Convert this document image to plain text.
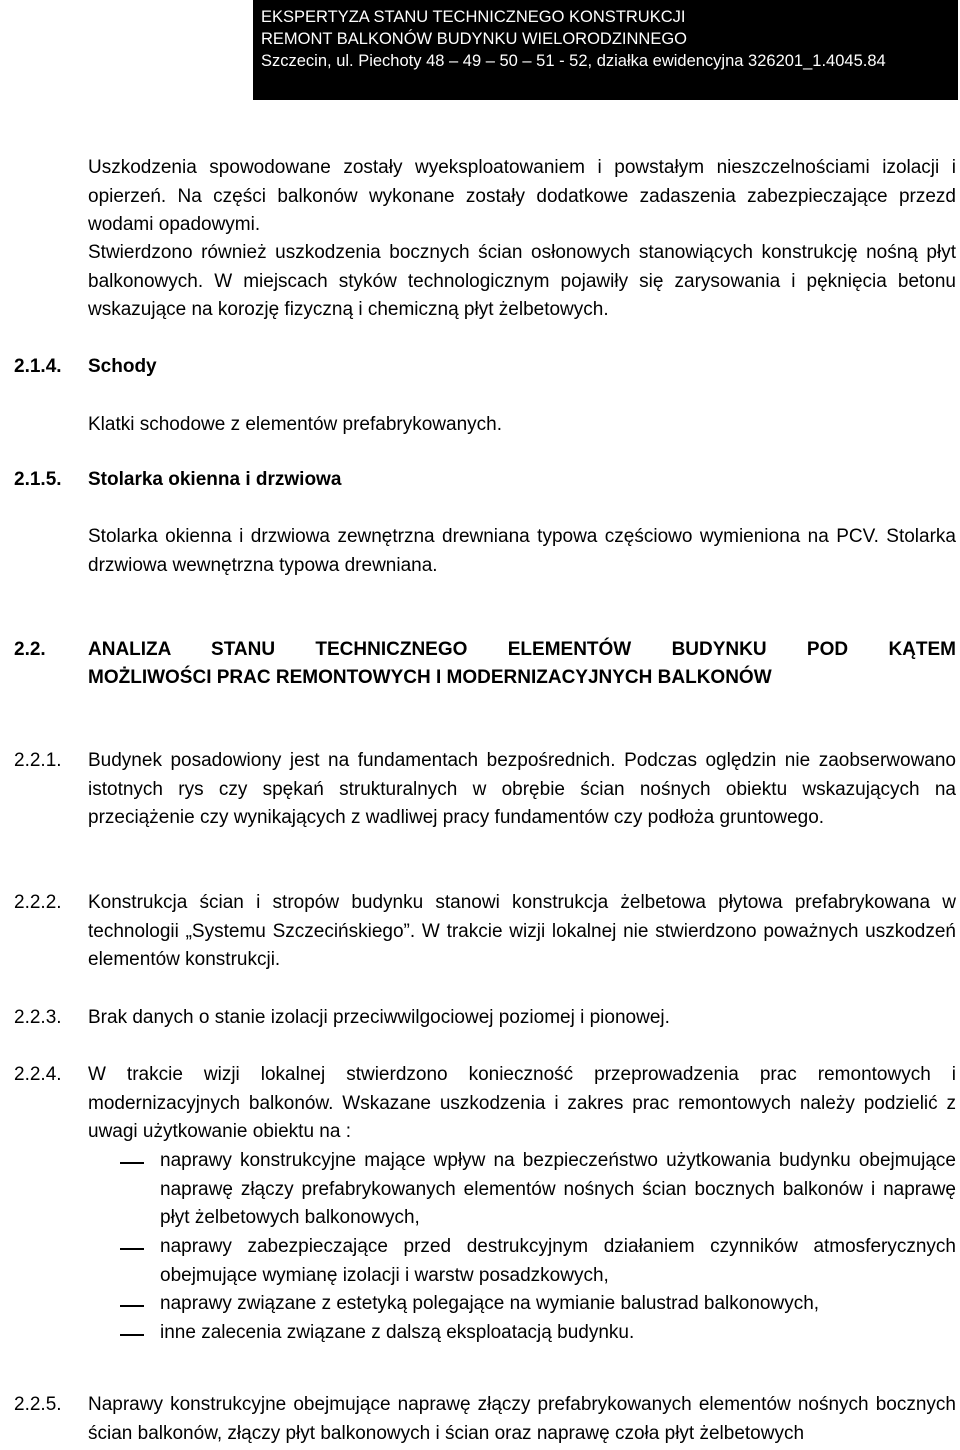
EKSPERTYZA STANU TECHNICZNEGO KONSTRUKCJI
REMONT BALKONÓW BUDYNKU WIELORODZINNEGO
Szczecin, ul. Piechoty 48 – 49 – 50 – 51 - 52, działka ewidencyjna 326201_1.4045.84

Uszkodzenia spowodowane zostały wyeksploatowaniem i powstałym nieszczelnościami izolacji i opierzeń. Na części balkonów wykonane zostały dodatkowe zadaszenia zabezpieczające przezd wodami opadowymi.

Stwierdzono również uszkodzenia bocznych ścian osłonowych stanowiących konstrukcję nośną płyt balkonowych. W miejscach styków technologicznym pojawiły się zarysowania i pęknięcia betonu wskazujące na korozję fizyczną i chemiczną płyt żelbetowych.

2.1.4. Schody

Klatki schodowe z elementów prefabrykowanych.

2.1.5. Stolarka okienna i drzwiowa

Stolarka okienna i drzwiowa zewnętrzna drewniana typowa częściowo wymieniona na PCV. Stolarka drzwiowa wewnętrzna typowa drewniana.

2.2. ANALIZA STANU TECHNICZNEGO ELEMENTÓW BUDYNKU POD KĄTEM
MOŻLIWOŚCI PRAC REMONTOWYCH I MODERNIZACYJNYCH BALKONÓW
2.2.1. Budynek posadowiony jest na fundamentach bezpośrednich. Podczas oględzin nie zaobserwowano istotnych rys czy spękań strukturalnych w obrębie ścian nośnych obiektu wskazujących na przeciążenie czy wynikających z wadliwej pracy fundamentów czy podłoża gruntowego.

2.2.2. Konstrukcja ścian i stropów budynku stanowi konstrukcja żelbetowa płytowa prefabrykowana w technologii „Systemu Szczecińskiego”. W trakcie wizji lokalnej nie stwierdzono poważnych uszkodzeń elementów konstrukcji.

2.2.3. Brak danych o stanie izolacji przeciwwilgociowej poziomej i pionowej.

2.2.4. W trakcie wizji lokalnej stwierdzono konieczność przeprowadzenia prac remontowych i modernizacyjnych balkonów. Wskazane uszkodzenia i zakres prac remontowych należy podzielić z uwagi użytkowanie obiektu na :

naprawy konstrukcyjne mające wpływ na bezpieczeństwo użytkowania budynku obejmujące naprawę złączy prefabrykowanych elementów nośnych ścian bocznych balkonów i naprawę płyt żelbetowych balkonowych,

naprawy zabezpieczające przed destrukcyjnym działaniem czynników atmosferycznych obejmujące wymianę izolacji i warstw posadzkowych,

naprawy związane z estetyką polegające na wymianie balustrad balkonowych,

inne zalecenia związane z dalszą eksploatacją budynku.

2.2.5. Naprawy konstrukcyjne obejmujące naprawę złączy prefabrykowanych elementów nośnych bocznych ścian balkonów, złączy płyt balkonowych i ścian oraz naprawę czoła płyt żelbetowych
